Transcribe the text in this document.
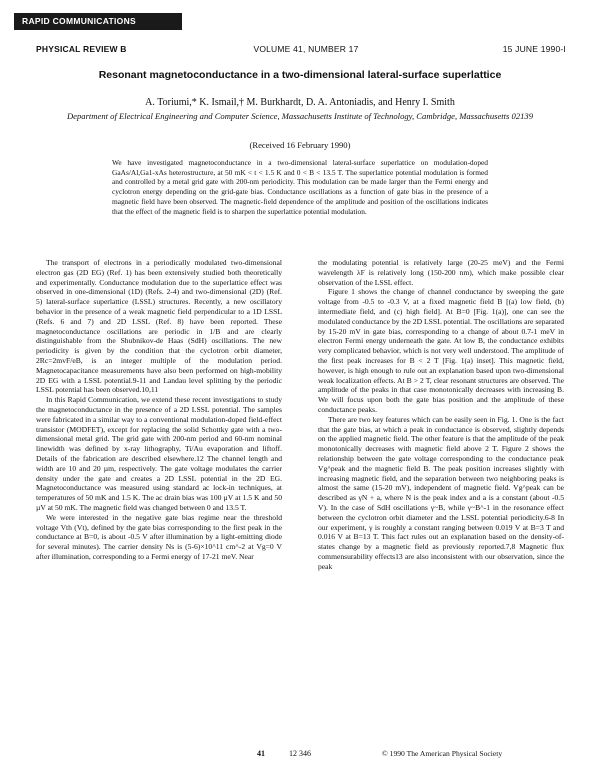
RAPID COMMUNICATIONS
PHYSICAL REVIEW B	VOLUME 41, NUMBER 17	15 JUNE 1990-I
Resonant magnetoconductance in a two-dimensional lateral-surface superlattice
A. Toriumi,* K. Ismail,† M. Burkhardt, D. A. Antoniadis, and Henry I. Smith
Department of Electrical Engineering and Computer Science, Massachusetts Institute of Technology, Cambridge, Massachusetts 02139
(Received 16 February 1990)
We have investigated magnetoconductance in a two-dimensional lateral-surface superlattice on modulation-doped GaAs/Al,Ga1-xAs heterostructure, at 50 mK < t < 1.5 K and 0 < B < 13.5 T. The superlattice potential modulation is formed and controlled by a metal grid gate with 200-nm periodicity. This modulation can be made larger than the Fermi energy and cyclotron energy depending on the grid-gate bias. Conductance oscillations as a function of gate bias in the presence of a magnetic field have been observed. The magnetic-field dependence of the amplitude and position of the oscillations indicates that the effect of the magnetic field is to sharpen the superlattice potential modulation.

The transport of electrons in a periodically modulated two-dimensional electron gas (2D EG) (Ref. 1) has been extensively studied both theoretically and experimentally. Conductance modulation due to the superlattice effect was observed in one-dimensional (1D) (Refs. 2-4) and two-dimensional (2D) (Ref. 5) lateral-surface superlattice (LSSL) structures. Recently, a new oscillatory behavior in the presence of a weak magnetic field perpendicular to a 1D LSSL (Refs. 6 and 7) and 2D LSSL (Ref. 8) have been reported. These magnetoconductance oscillations are periodic in 1/B and are clearly distinguishable from the Shubnikov-de Haas (SdH) oscillations. The new periodicity is given by the condition that the cyclotron orbit diameter, 2Rc=2mvF/eB, is an integer multiple of the modulation period. Magnetocapacitance measurements have also been performed on high-mobility 2D EG with a LSSL potential.9-11 and Landau level splitting by the periodic LSSL potential has been observed.10,11

In this Rapid Communication, we extend these recent investigations to study the magnetoconductance in the presence of a 2D LSSL potential. The samples were fabricated in a similar way to a conventional modulation-doped field-effect transistor (MODFET), except for replacing the solid Schottky gate with a two-dimensional metal grid. The grid gate with 200-nm period and 60-nm nominal linewidth was defined by x-ray lithography, Ti/Au evaporation and liftoff. Details of the fabrication are described elsewhere.12 The channel length and width are 10 and 20 µm, respectively. The gate voltage modulates the carrier density under the gate and creates a 2D LSSL potential in the 2D EG. Magnetoconductance was measured using standard ac lock-in techniques, at temperatures of 50 mK and 1.5 K. The ac drain bias was 100 µV at 1.5 K and 50 µV at 50 mK. The magnetic field was changed between 0 and 13.5 T.

We were interested in the negative gate bias regime near the threshold voltage Vth (Vt), defined by the gate bias corresponding to the first peak in the conductance at B=0, is about -0.5 V after illumination by a light-emitting diode for several minutes). The carrier density Ns is (5-6)×10^11 cm^-2 at Vg=0 V after illumination, corresponding to a Fermi energy of 17-21 meV. Near

the modulating potential is relatively large (20-25 meV) and the Fermi wavelength λF is relatively long (150-200 nm), which make possible clear observation of the LSSL effect.

Figure 1 shows the change of channel conductance by sweeping the gate voltage from -0.5 to -0.3 V, at a fixed magnetic field B [(a) low field, (b) intermediate field, and (c) high field]. At B=0 [Fig. 1(a)], one can see the modulated conductance by the 2D LSSL potential. The oscillations are separated by 15-20 mV in gate bias, corresponding to a change of about 0.7-1 meV in electron Fermi energy underneath the gate. At low B, the conductance exhibits very complicated behavior, which is not very well understood. The amplitude of the first peak increases for B < 2 T [Fig. 1(a) inset]. This magnetic field, however, is high enough to rule out an explanation based upon two-dimensional weak localization effects. At B > 2 T, clear resonant structures are observed. The amplitude of the peaks in that case monotonically decreases with increasing B. We will focus upon both the gate bias position and the amplitude of these conductance peaks.

There are two key features which can be easily seen in Fig. 1. One is the fact that the gate bias, at which a peak in conductance is observed, slightly depends on the applied magnetic field. The other feature is that the amplitude of the peak monotonically decreases with magnetic field above 2 T. Figure 2 shows the relationship between the gate voltage corresponding to the conductance peak Vg^peak and the magnetic field B. The peak position increases slightly with increasing magnetic field, and the separation between two neighboring peaks is almost the same (15-20 mV), independent of magnetic field. Vg^peak can be described as γN + a, where N is the peak index and a is a constant (about -0.5 V). In the case of SdH oscillations γ~B, while γ~B^-1 in the resonance effect between the cyclotron orbit diameter and the LSSL potential periodicity.6-8 In our experiment, γ is roughly a constant ranging between 0.019 V at B=3 T and 0.016 V at B=13 T. This fact rules out an explanation based on the density-of-states change by a magnetic field as previously reported.7,8 Magnetic flux commensurability effects13 are also inconsistent with our observation, since the peak

41	12 346	© 1990 The American Physical Society
